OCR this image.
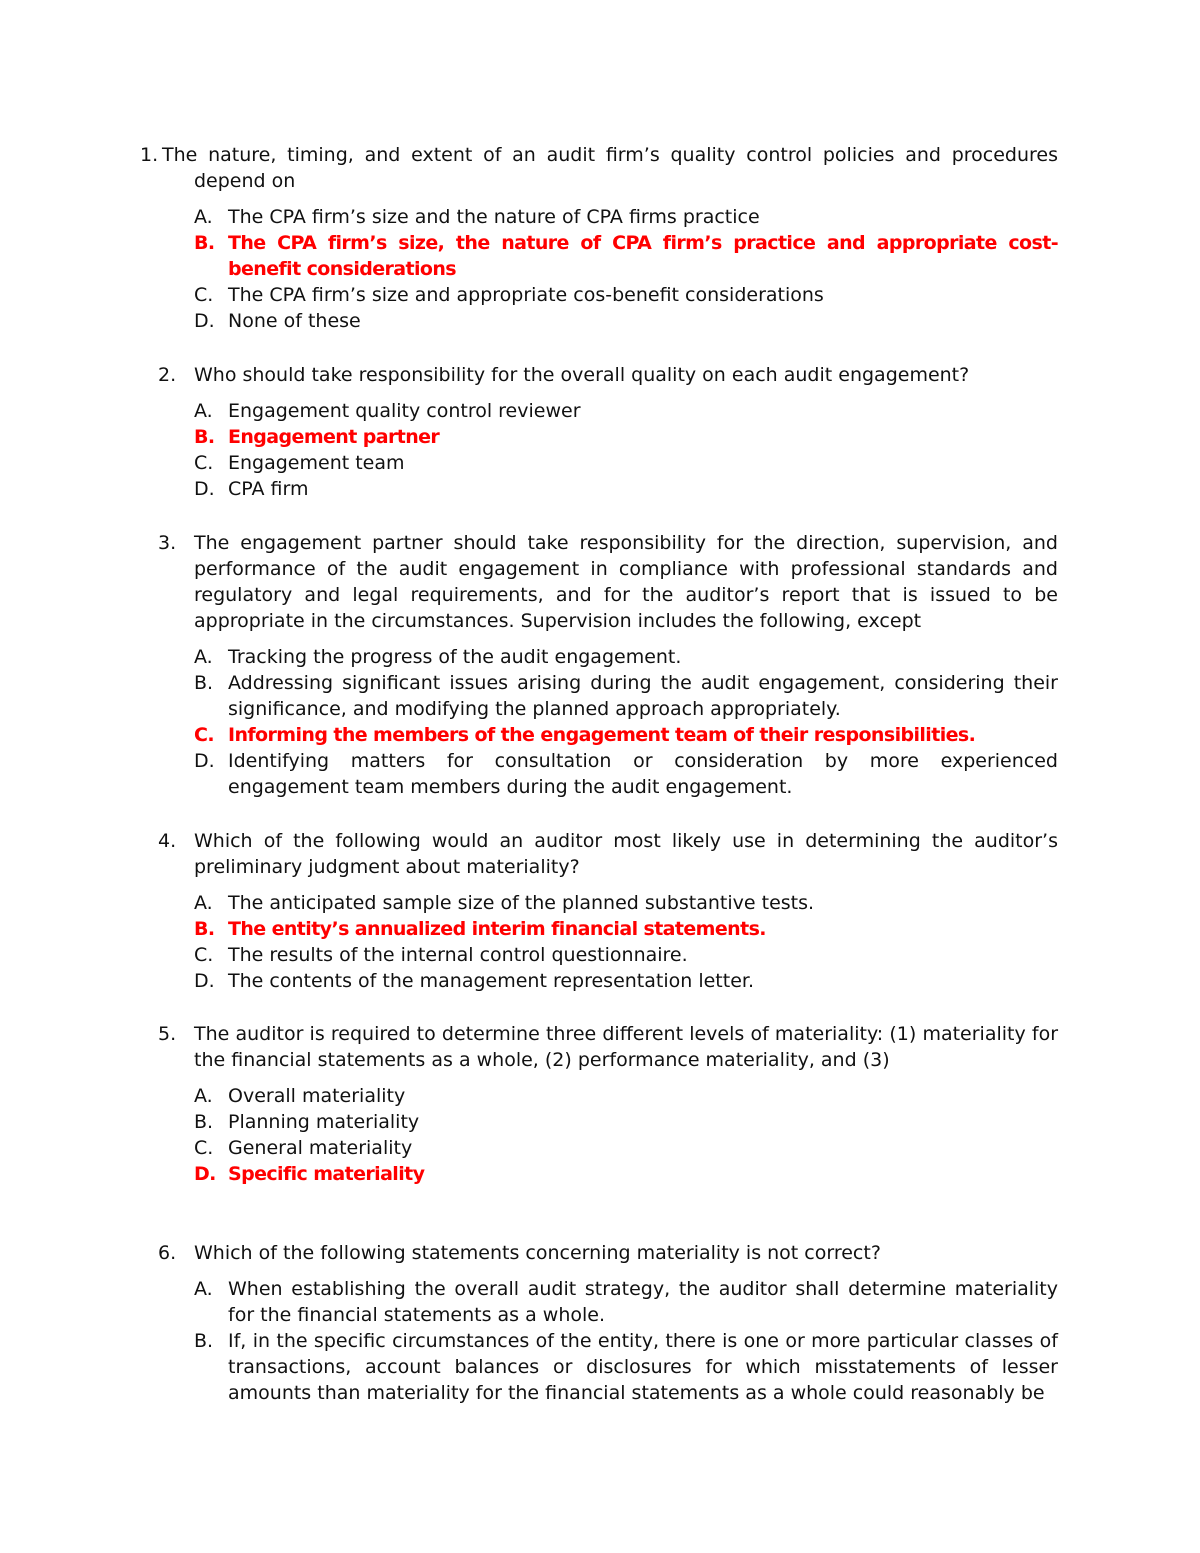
1. The nature, timing, and extent of an audit firm’s quality control policies and procedures
depend on
A. The CPA firm’s size and the nature of CPA firms practice
B. The CPA firm’s size, the nature of CPA firm’s practice and appropriate cost-benefit considerations
C. The CPA firm’s size and appropriate cos-benefit considerations
D. None of these
2. Who should take responsibility for the overall quality on each audit engagement?
A. Engagement quality control reviewer
B. Engagement partner
C. Engagement team
D. CPA firm
3. The engagement partner should take responsibility for the direction, supervision, and performance of the audit engagement in compliance with professional standards and regulatory and legal requirements, and for the auditor’s report that is issued to be appropriate in the circumstances. Supervision includes the following, except
A. Tracking the progress of the audit engagement.
B. Addressing significant issues arising during the audit engagement, considering their significance, and modifying the planned approach appropriately.
C. Informing the members of the engagement team of their responsibilities.
D. Identifying matters for consultation or consideration by more experienced engagement team members during the audit engagement.
4. Which of the following would an auditor most likely use in determining the auditor’s preliminary judgment about materiality?
A. The anticipated sample size of the planned substantive tests.
B. The entity’s annualized interim financial statements.
C. The results of the internal control questionnaire.
D. The contents of the management representation letter.
5. The auditor is required to determine three different levels of materiality: (1) materiality for the financial statements as a whole, (2) performance materiality, and (3)
A. Overall materiality
B. Planning materiality
C. General materiality
D. Specific materiality
6. Which of the following statements concerning materiality is not correct?
A. When establishing the overall audit strategy, the auditor shall determine materiality for the financial statements as a whole.
B. If, in the specific circumstances of the entity, there is one or more particular classes of transactions, account balances or disclosures for which misstatements of lesser amounts than materiality for the financial statements as a whole could reasonably be
